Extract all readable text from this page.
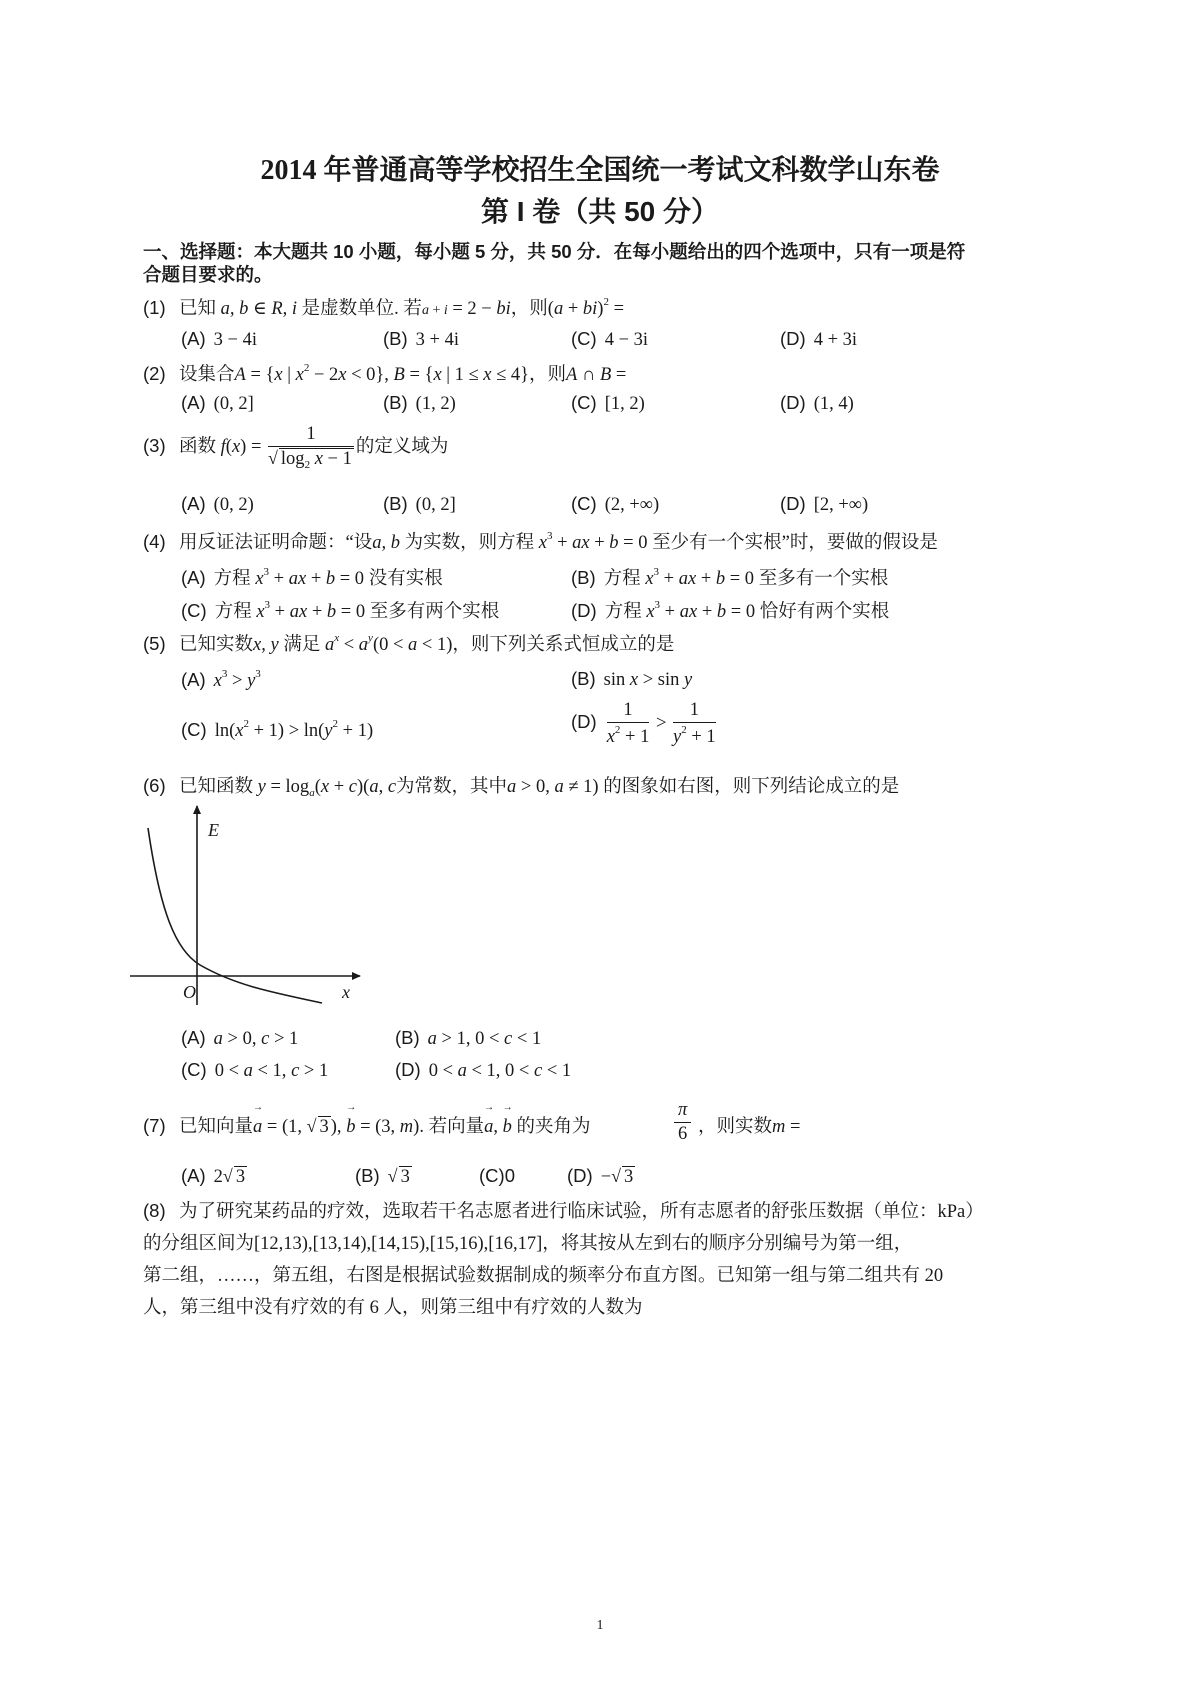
2014 年普通高等学校招生全国统一考试文科数学山东卷
第 I 卷（共 50 分）
一、选择题：本大题共 10 小题，每小题 5 分，共 50 分．在每小题给出的四个选项中，只有一项是符
合题目要求的。
(1) 已知 a, b ∈ R, i 是虚数单位. 若a + i = 2 − bi，则(a + bi)$^2$ =
(A) 3 − 4i	(B) 3 + 4i	(C) 4 − 3i	(D) 4 + 3i
(2) 设集合A = {x | $x^2 - 2x < 0$}, B = {x | 1 ≤ x ≤ 4}，则A ∩ B =
(A) (0, 2]	(B) (1, 2)	(C) [1, 2)	(D) (1, 4)
(3) 函数 $f(x) = \frac{1}{√ \log_2 x - 1}$ 的定义域为
(A) (0, 2)	(B) (0, 2]	(C) (2, +∞)	(D) [2, +∞)
(4) 用反证法证明命题：“设a, b 为实数，则方程 $x^3$ + ax + b = 0 至少有一个实根”时，要做的假设是
(A) 方程 $x^3$ + ax + b = 0 没有实根	(B) 方程 $x^3$ + ax + b = 0 至多有一个实根
(C) 方程 $x^3$ + ax + b = 0 至多有两个实根	(D) 方程 $x^3$ + ax + b = 0 恰好有两个实根
(5) 已知实数x, y 满足 $a^x < a^y(0 < a < 1)$，则下列关系式恒成立的是
(A) $x^3 > y^3$	(B) sin x > sin y
(C) $\ln(x^2 + 1) > \ln(y^2 + 1)$	$(D) \frac{1}{x^2 + 1} > \frac{1}{y^2 + 1}$
(6) 已知函数 $y = \log_a(x + c)(a$, c为常数，其中a > 0, a ≠ 1) 的图象如右图，则下列结论成立的是
E
O	x
(A) a > 0, c > 1	(B) a > 1, 0 < c < 1
(C) 0 < a < 1, c > 1	(D) 0 < a < 1, 0 < c < 1
(7) 已知向量→ a = (1, √ 3 ), → b = (3, m). 若向量→ a, → b 的夹角为	$\frac{\pi}{6}$ ，则实数m =
(A) 2√ 3	(B) √ 3	(C)0	(D) −√ 3
(8) 为了研究某药品的疗效，选取若干名志愿者进行临床试验，所有志愿者的舒张压数据（单位：kPa）
的分组区间为[12,13),[13,14),[14,15),[15,16),[16,17]，将其按从左到右的顺序分别编号为第一组，
第二组，……，第五组，右图是根据试验数据制成的频率分布直方图。已知第一组与第二组共有 20
人，第三组中没有疗效的有 6 人，则第三组中有疗效的人数为
1
